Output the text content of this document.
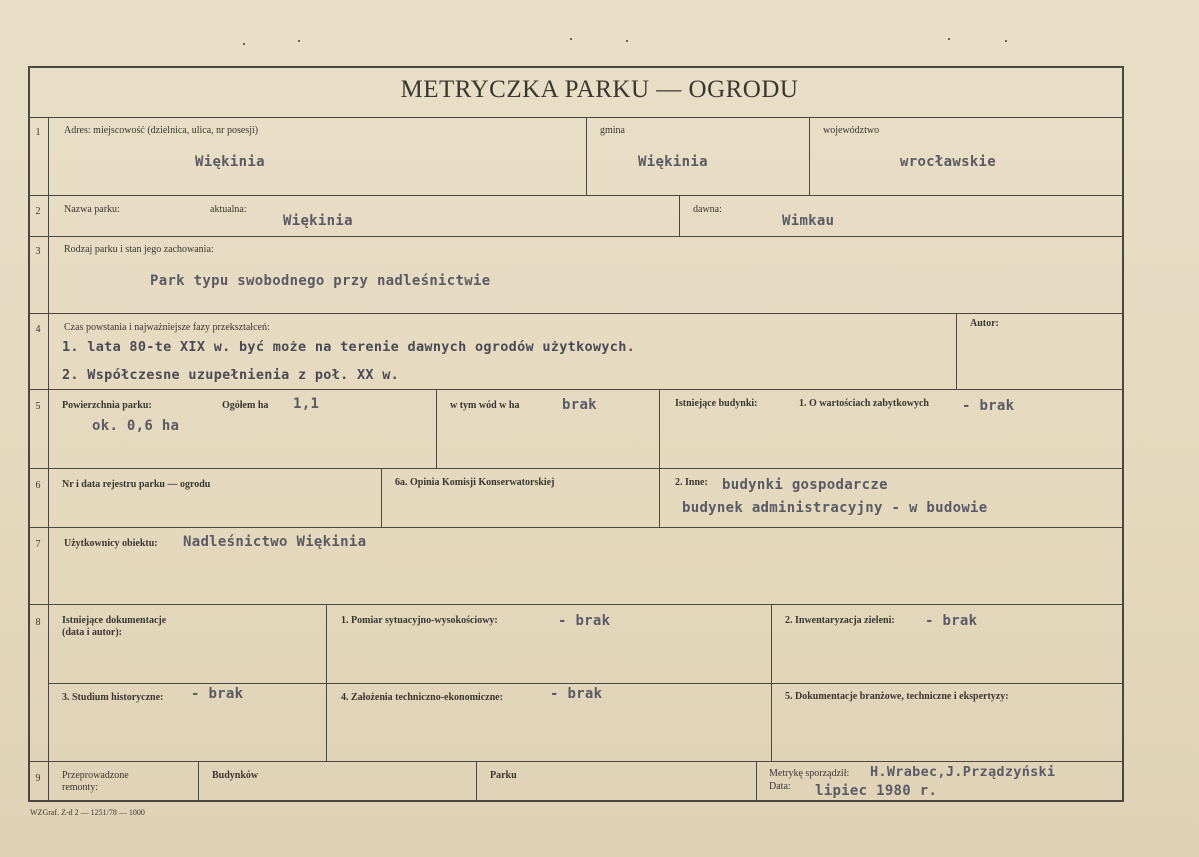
METRYCZKA PARKU — OGRODU
1	Adres: miejscowość (dzielnica, ulica, nr posesji)
Więkinia
gmina
Więkinia
województwo
wrocławskie
2	Nazwa parku:	aktualna:
Więkinia
dawna:
Wimkau
3	Rodzaj parku i stan jego zachowania:
Park typu swobodnego przy nadleśnictwie
4	Czas powstania i najważniejsze fazy przekształceń:
1. lata 80-te XIX w. być może na terenie dawnych ogrodów użytkowych.
2. Współczesne uzupełnienia z poł. XX w.
Autor:
5	Powierzchnia parku:	Ogółem ha 1,1
ok. 0,6 ha
w tym wód w ha	brak	Istniejące budynki:	1. O wartościach zabytkowych - brak
6	Nr i data rejestru parku — ogrodu	6a. Opinia Komisji Konserwatorskiej	2. Inne: budynki gospodarcze
budynek administracyjny - w budowie
7	Użytkownicy obiektu: Nadleśnictwo Więkinia
8	Istniejące dokumentacje
(data i autor):
1. Pomiar sytuacyjno-wysokościowy:	- brak	2. Inwentaryzacja zieleni: - brak
3. Studium historyczne: - brak	4. Założenia techniczno-ekonomiczne:	- brak	5. Dokumentacje branżowe, techniczne i ekspertyzy:
9	Przeprowadzone
remonty:
Budynków	Parku	Metrykę sporządził: H.Wrabec,J.Prządzyński
Data: lipiec 1980 r.
WZGraf. Z-d 2 — 1251/78 — 1000
